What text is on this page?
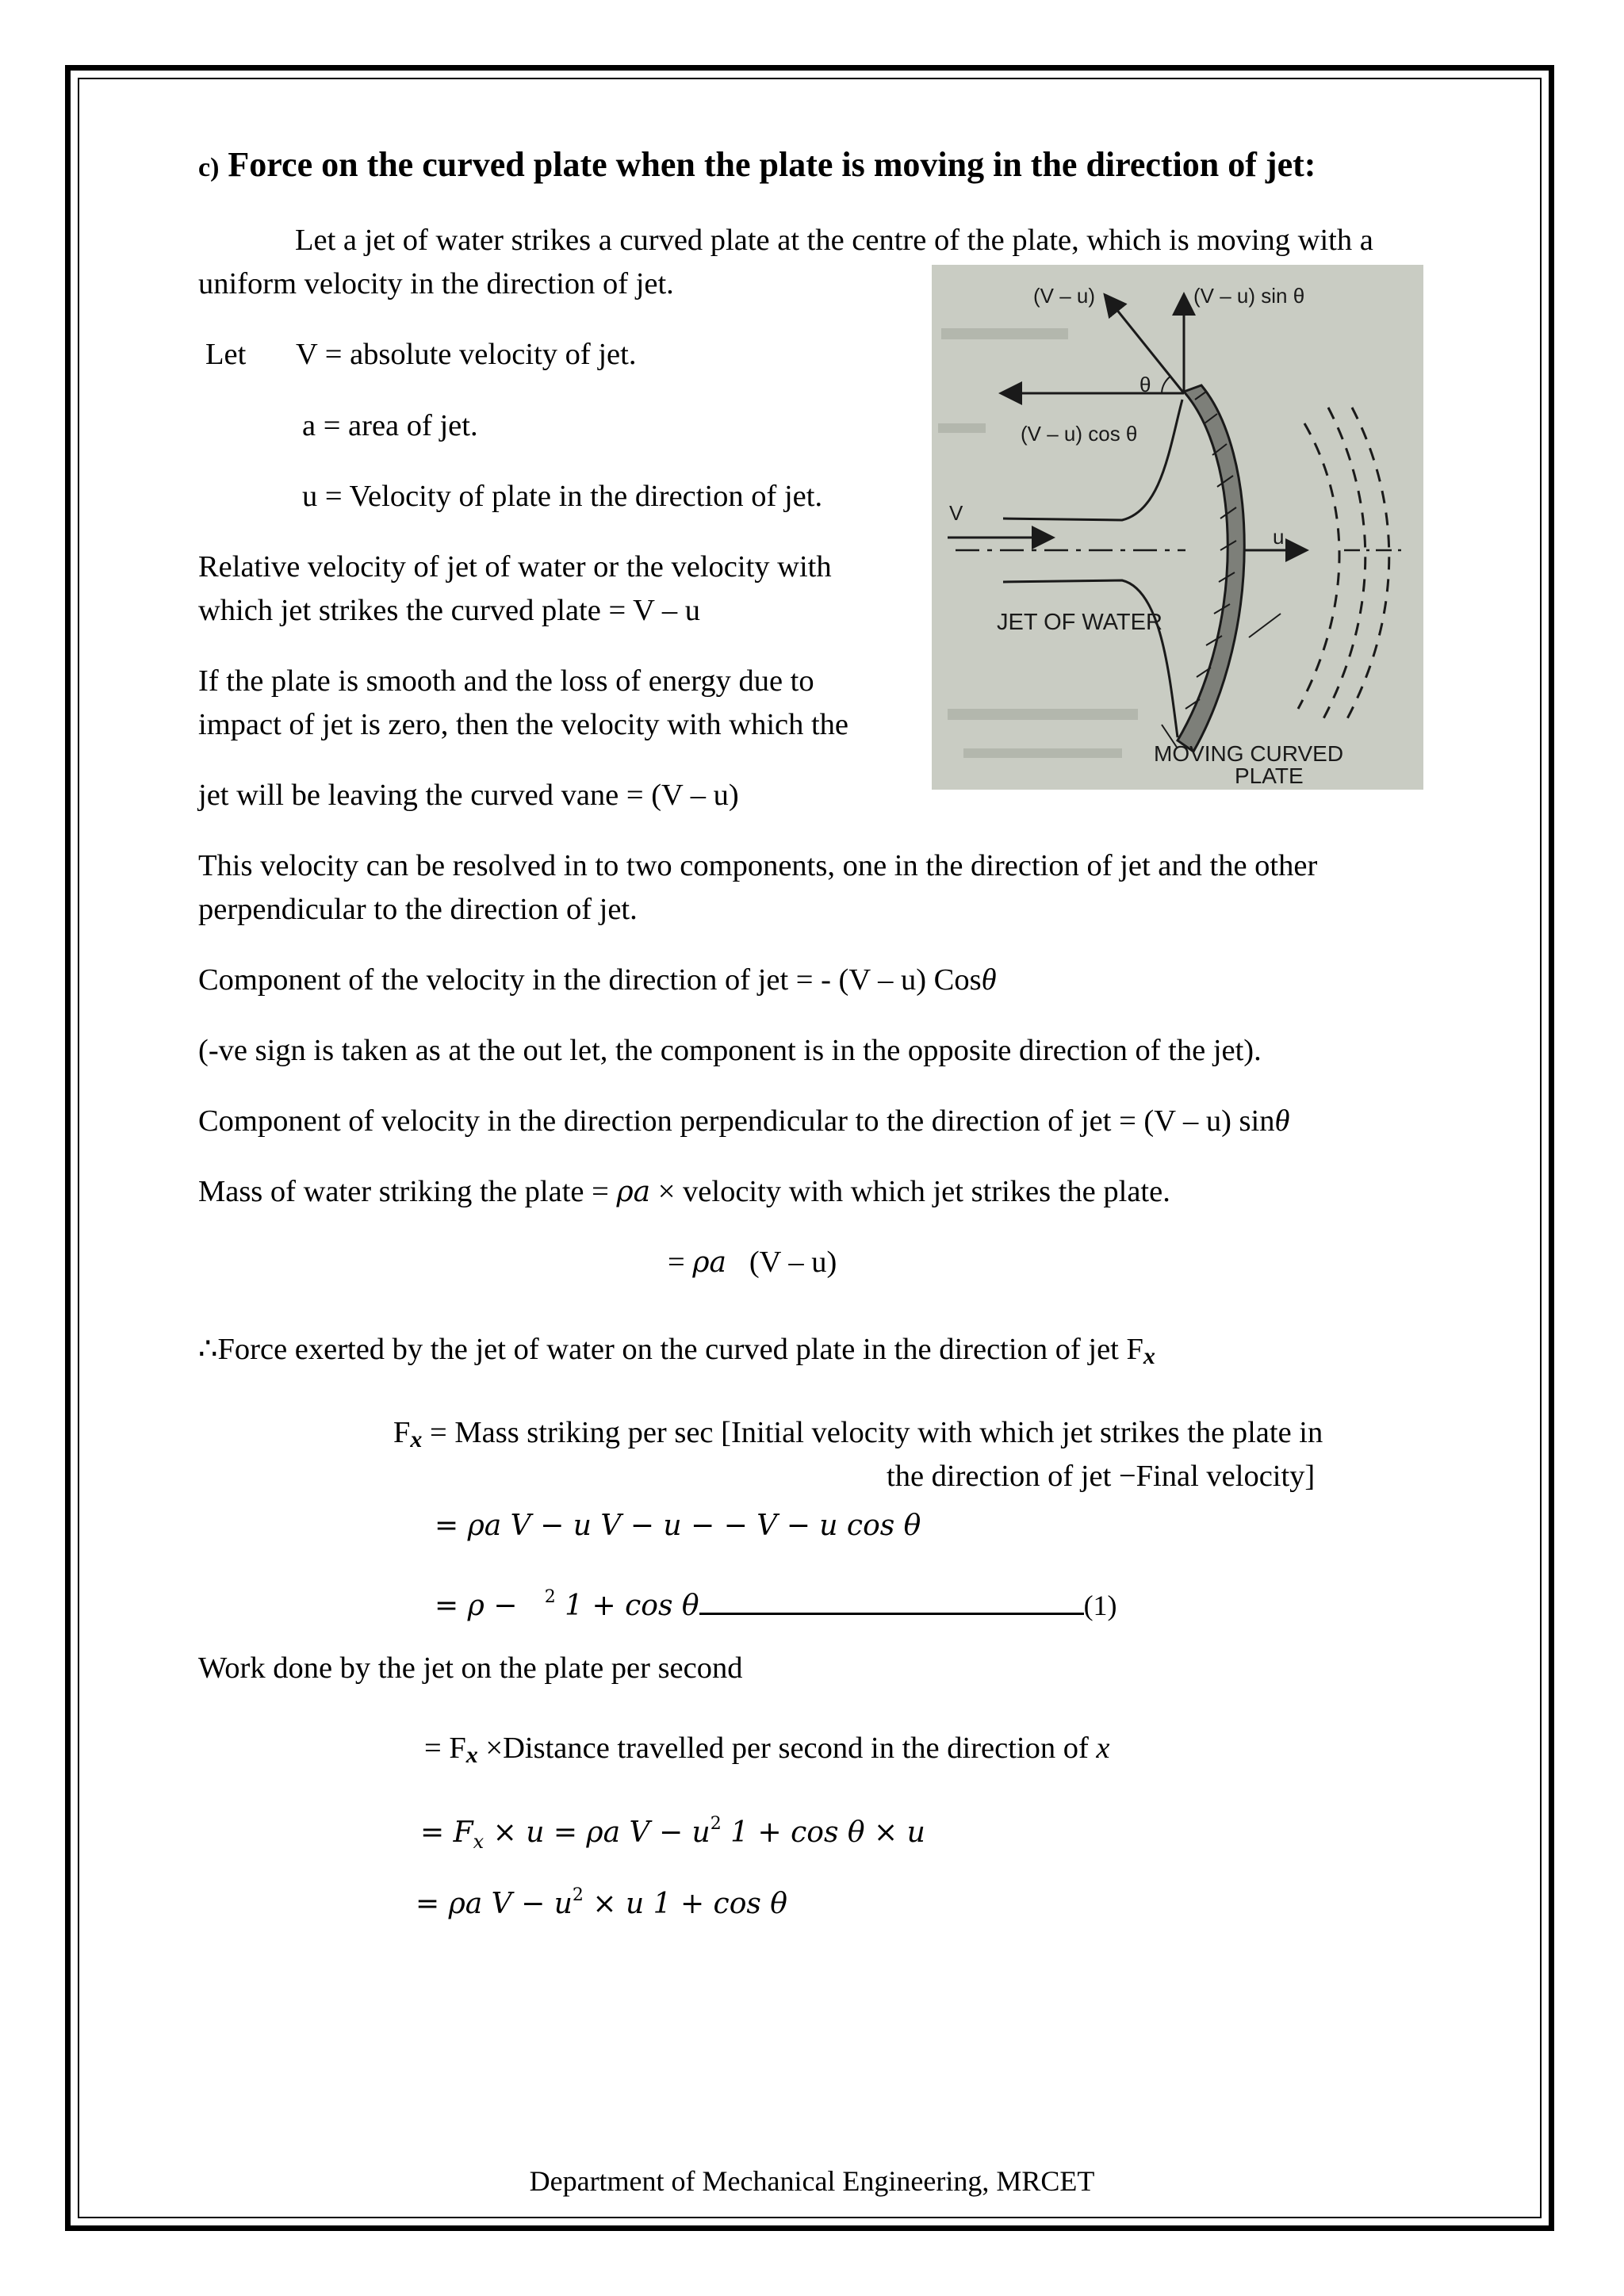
c) Force on the curved plate when the plate is moving in the direction of jet:
Let a jet of water strikes a curved plate at the centre of the plate, which is moving with a
uniform velocity in the direction of jet.
Let V = absolute velocity of jet.
a = area of jet.
u = Velocity of plate in the direction of jet.
Relative velocity of jet of water or the velocity with
which jet strikes the curved plate = V – u
If the plate is smooth and the loss of energy due to
impact of jet is zero, then the velocity with which the
jet will be leaving the curved vane = (V – u)
(V – u)	(V – u) sin θ
θ
(V – u) cos θ
V
u
JET OF WATER
MOVING CURVED
PLATE
This velocity can be resolved in to two components, one in the direction of jet and the other
perpendicular to the direction of jet.
Component of the velocity in the direction of jet = - (V – u) Cosθ
(-ve sign is taken as at the out let, the component is in the opposite direction of the jet).
Component of velocity in the direction perpendicular to the direction of jet = (V – u) sinθ
Mass of water striking the plate = ρa × velocity with which jet strikes the plate.
= ρa (V – u)
∴Force exerted by the jet of water on the curved plate in the direction of jet Fx
Fx = Mass striking per sec [Initial velocity with which jet strikes the plate in
the direction of jet −Final velocity]
= ρa V − u V − u − − V − u cos θ
= ρ − $^2$ 1 + cos θ	(1)
Work done by the jet on the plate per second
= Fx ×Distance travelled per second in the direction of x
= $F_x \times u = \rho a$ $V - u^2$ 1 + cos θ × u
= ρa $V - u^2 \times u$ 1 + cos θ
Department of Mechanical Engineering, MRCET
